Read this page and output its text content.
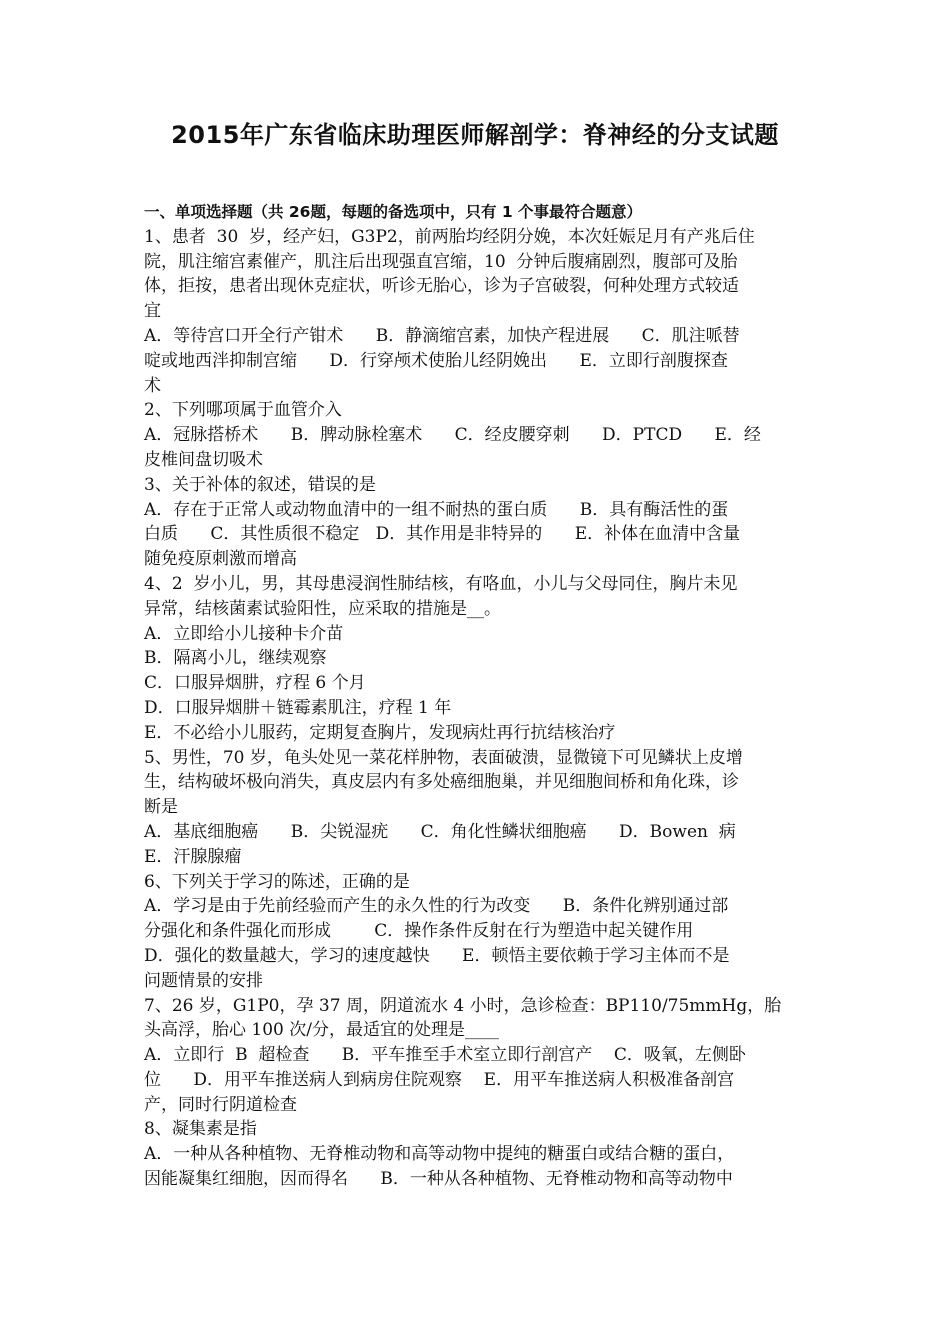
2015年广东省临床助理医师解剖学：脊神经的分支试题
一、单项选择题（共 26题，每题的备选项中，只有 1 个事最符合题意）
1、患者  30  岁，经产妇，G3P2，前两胎均经阴分娩，本次妊娠足月有产兆后住
院，肌注缩宫素催产，肌注后出现强直宫缩，10  分钟后腹痛剧烈，腹部可及胎
体，拒按，患者出现休克症状，听诊无胎心，诊为子宫破裂，何种处理方式较适
宜
A．等待宫口开全行产钳术      B．静滴缩宫素，加快产程进展      C．肌注哌替
啶或地西泮抑制宫缩      D．行穿颅术使胎儿经阴娩出      E．立即行剖腹探查
术
2、下列哪项属于血管介入
A．冠脉搭桥术      B．脾动脉栓塞术      C．经皮腰穿刺      D．PTCD      E．经
皮椎间盘切吸术
3、关于补体的叙述，错误的是
A．存在于正常人或动物血清中的一组不耐热的蛋白质      B．具有酶活性的蛋
白质      C．其性质很不稳定   D．其作用是非特异的      E．补体在血清中含量
随免疫原刺激而增高
4、2  岁小儿，男，其母患浸润性肺结核，有咯血，小儿与父母同住，胸片未见
异常，结核菌素试验阳性，应采取的措施是__。
A．立即给小儿接种卡介苗
B．隔离小儿，继续观察
C．口服异烟肼，疗程 6 个月
D．口服异烟肼＋链霉素肌注，疗程 1 年
E．不必给小儿服药，定期复查胸片，发现病灶再行抗结核治疗
5、男性，70 岁，龟头处见一菜花样肿物，表面破溃，显微镜下可见鳞状上皮增
生，结构破坏极向消失，真皮层内有多处癌细胞巢，并见细胞间桥和角化珠，诊
断是
A．基底细胞癌      B．尖锐湿疣      C．角化性鳞状细胞癌      D．Bowen  病
E．汗腺腺瘤
6、下列关于学习的陈述，正确的是
A．学习是由于先前经验而产生的永久性的行为改变      B．条件化辨别通过部
分强化和条件强化而形成        C．操作条件反射在行为塑造中起关键作用
D．强化的数量越大，学习的速度越快      E．顿悟主要依赖于学习主体而不是
问题情景的安排
7、26 岁，G1P0，孕 37 周，阴道流水 4 小时，急诊检查：BP110/75mmHg，胎
头高浮，胎心 100 次/分，最适宜的处理是____
A．立即行  B  超检查      B．平车推至手术室立即行剖宫产    C．吸氧，左侧卧
位      D．用平车推送病人到病房住院观察    E．用平车推送病人积极准备剖宫
产，同时行阴道检查
8、凝集素是指
A．一种从各种植物、无脊椎动物和高等动物中提纯的糖蛋白或结合糖的蛋白，
因能凝集红细胞，因而得名      B．一种从各种植物、无脊椎动物和高等动物中
